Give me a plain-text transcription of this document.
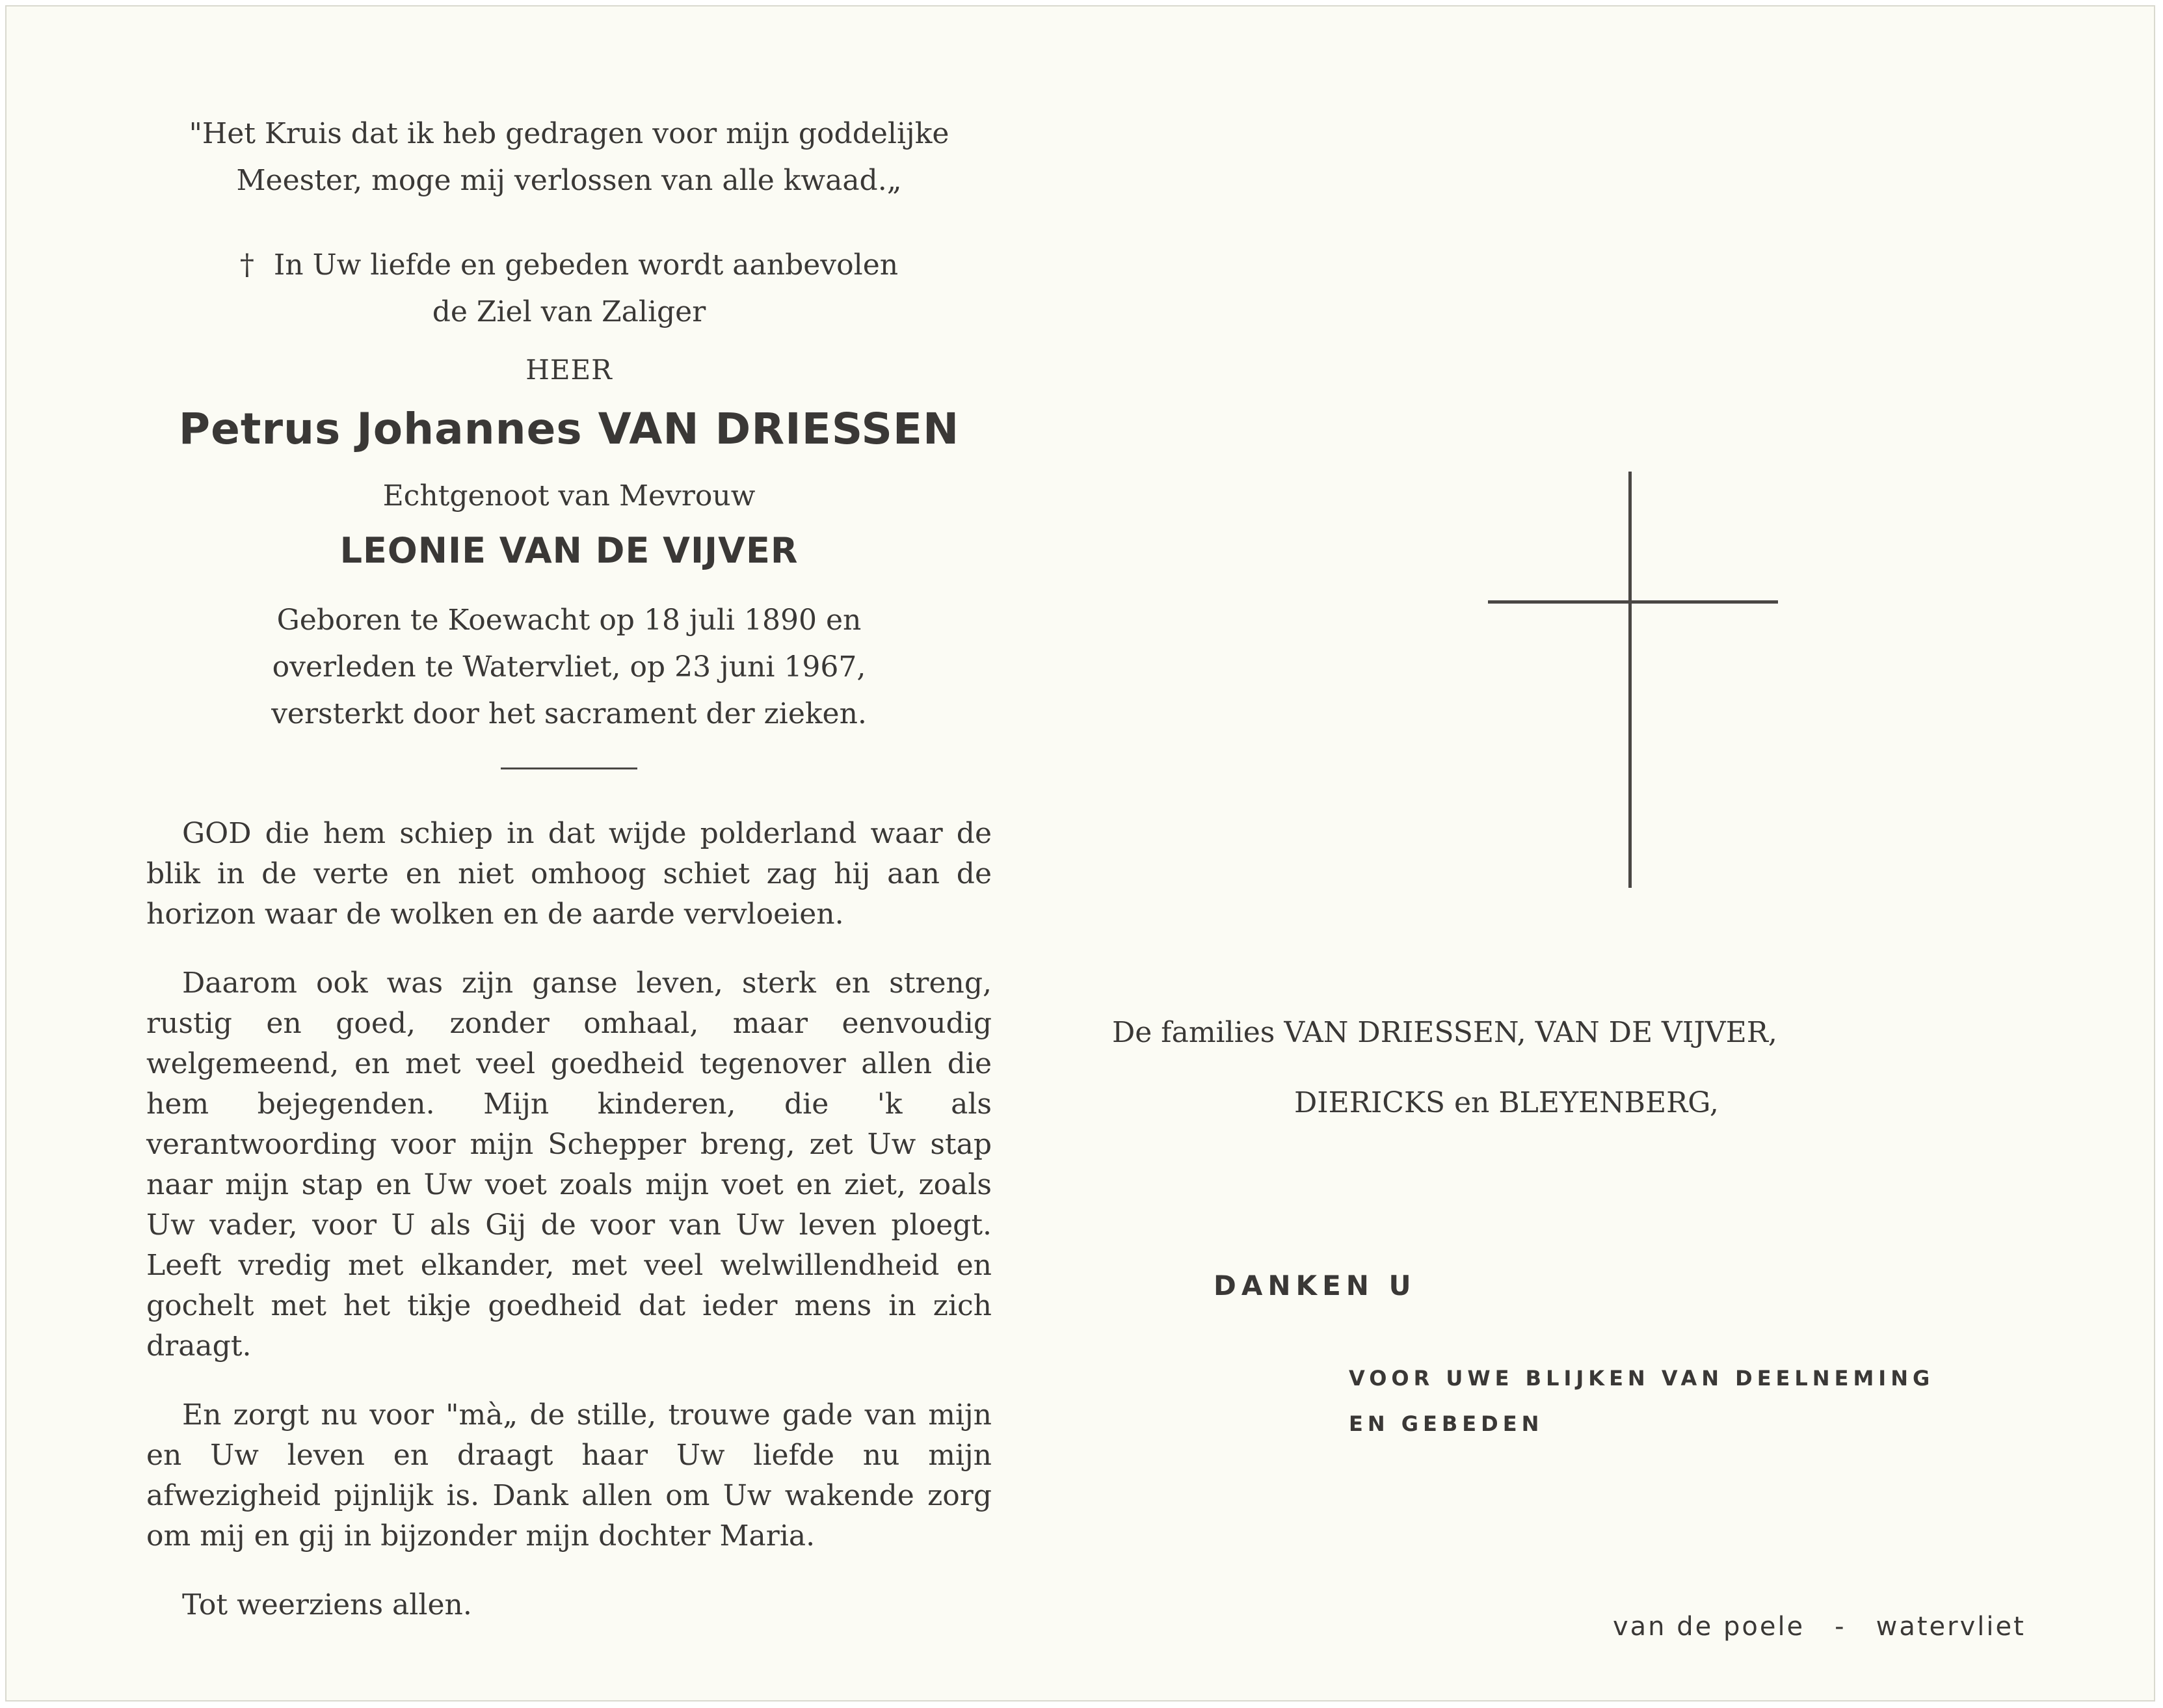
"Het Kruis dat ik heb gedragen voor mijn goddelijke

Meester, moge mij verlossen van alle kwaad.„

† In Uw liefde en gebeden wordt aanbevolen

de Ziel van Zaliger

HEER

Petrus Johannes VAN DRIESSEN

Echtgenoot van Mevrouw

LEONIE VAN DE VIJVER

Geboren te Koewacht op 18 juli 1890 en
overleden te Watervliet, op 23 juni 1967,
versterkt door het sacrament der zieken.

GOD die hem schiep in dat wijde polderland waar de blik in de verte en niet omhoog schiet zag hij aan de horizon waar de wolken en de aarde vervloeien.

Daarom ook was zijn ganse leven, sterk en streng, rustig en goed, zonder omhaal, maar eenvoudig welgemeend, en met veel goedheid tegenover allen die hem bejegenden. Mijn kinderen, die 'k als verantwoording voor mijn Schepper breng, zet Uw stap naar mijn stap en Uw voet zoals mijn voet en ziet, zoals Uw vader, voor U als Gij de voor van Uw leven ploegt. Leeft vredig met elkander, met veel welwillendheid en gochelt met het tikje goedheid dat ieder mens in zich draagt.

En zorgt nu voor "mà„ de stille, trouwe gade van mijn en Uw leven en draagt haar Uw liefde nu mijn afwezigheid pijnlijk is. Dank allen om Uw wakende zorg om mij en gij in bijzonder mijn dochter Maria.

Tot weerziens allen.

De families VAN DRIESSEN, VAN DE VIJVER,
DIERICKS en BLEYENBERG,
DANKEN U
VOOR UWE BLIJKEN VAN DEELNEMING
EN GEBEDEN
van de poele - watervliet
